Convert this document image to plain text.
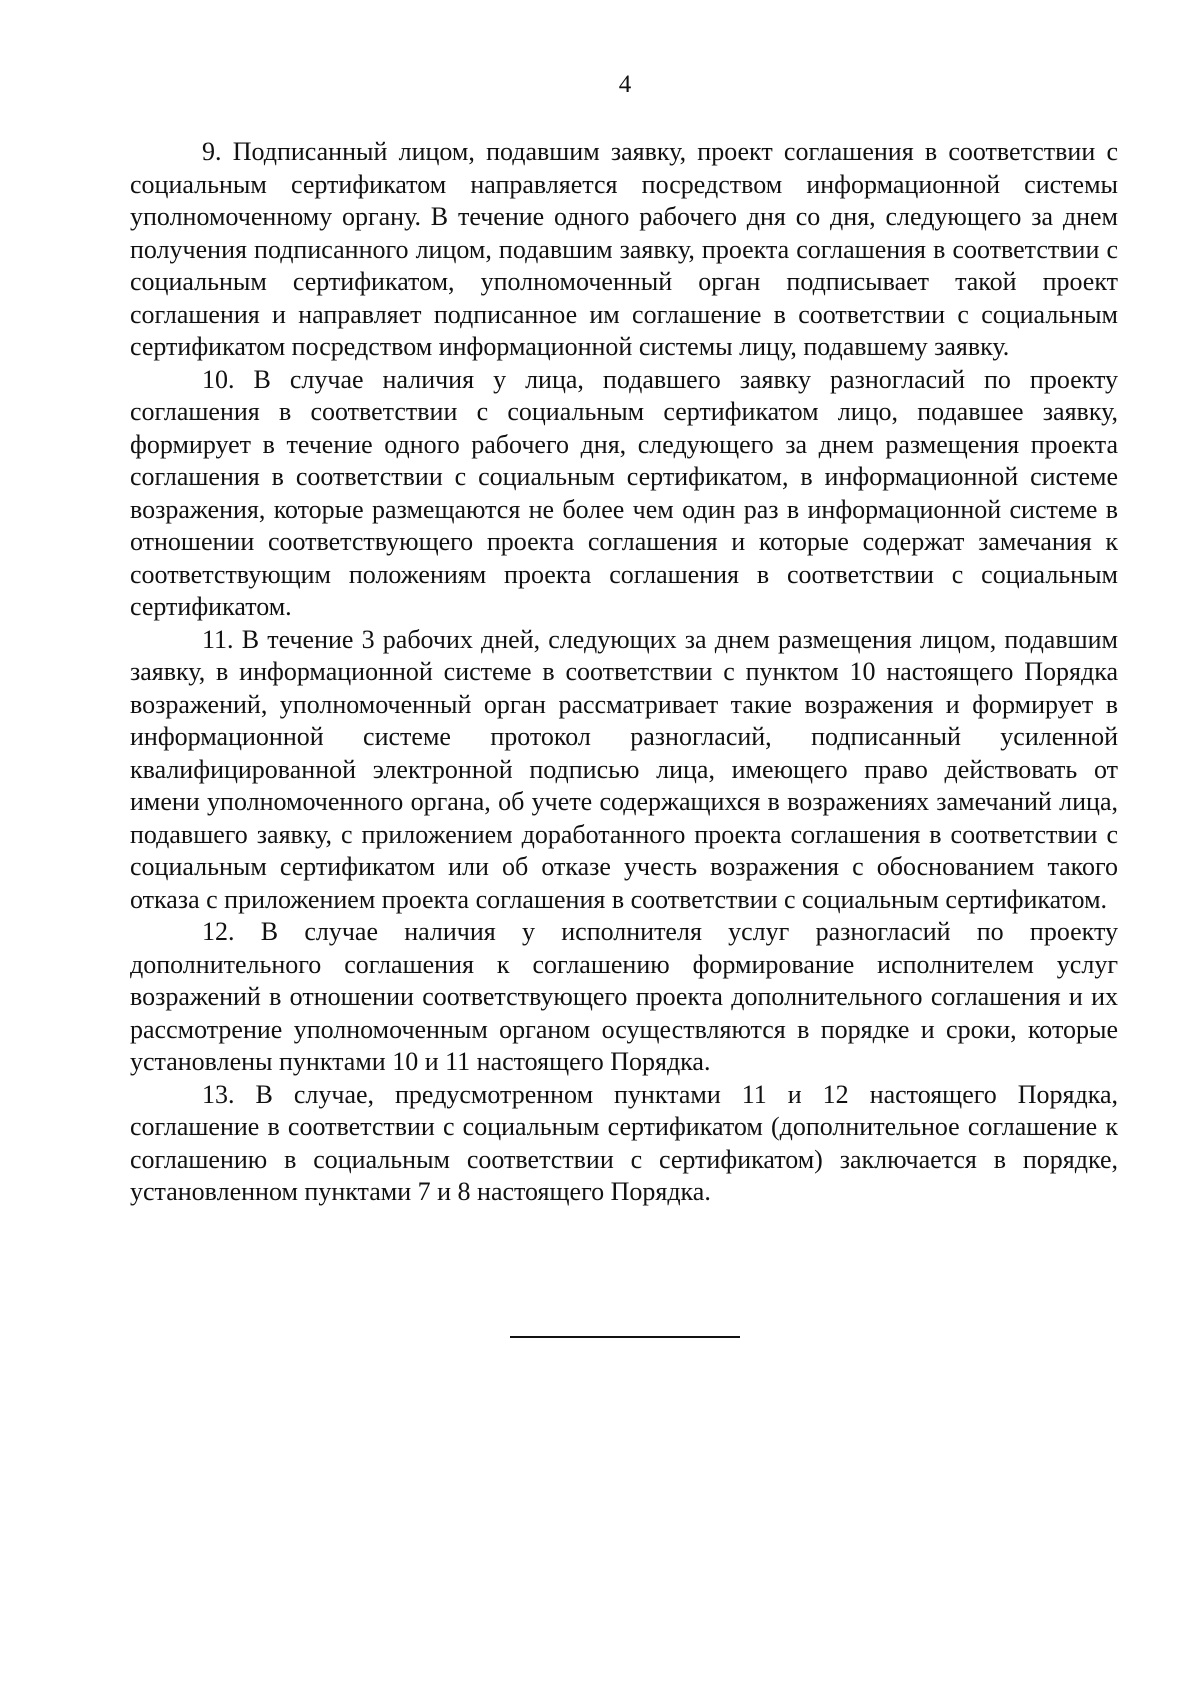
4

9. Подписанный лицом, подавшим заявку, проект соглашения в соответствии с социальным сертификатом направляется посредством информационной системы уполномоченному органу. В течение одного рабочего дня со дня, следующего за днем получения подписанного лицом, подавшим заявку, проекта соглашения в соответствии с социальным сертификатом, уполномоченный орган подписывает такой проект соглашения и направляет подписанное им соглашение в соответствии с социальным сертификатом посредством информационной системы лицу, подавшему заявку.

10. В случае наличия у лица, подавшего заявку разногласий по проекту соглашения в соответствии с социальным сертификатом лицо, подавшее заявку, формирует в течение одного рабочего дня, следующего за днем размещения проекта соглашения в соответствии с социальным сертификатом, в информационной системе возражения, которые размещаются не более чем один раз в информационной системе в отношении соответствующего проекта соглашения и которые содержат замечания к соответствующим положениям проекта соглашения в соответствии с социальным сертификатом.

11. В течение 3 рабочих дней, следующих за днем размещения лицом, подавшим заявку, в информационной системе в соответствии с пунктом 10 настоящего Порядка возражений, уполномоченный орган рассматривает такие возражения и формирует в информационной системе протокол разногласий, подписанный усиленной квалифицированной электронной подписью лица, имеющего право действовать от имени уполномоченного органа, об учете содержащихся в возражениях замечаний лица, подавшего заявку, с приложением доработанного проекта соглашения в соответствии с социальным сертификатом или об отказе учесть возражения с обоснованием такого отказа с приложением проекта соглашения в соответствии с социальным сертификатом.

12. В случае наличия у исполнителя услуг разногласий по проекту дополнительного соглашения к соглашению формирование исполнителем услуг возражений в отношении соответствующего проекта дополнительного соглашения и их рассмотрение уполномоченным органом осуществляются в порядке и сроки, которые установлены пунктами 10 и 11 настоящего Порядка.

13. В случае, предусмотренном пунктами 11 и 12 настоящего Порядка, соглашение в соответствии с социальным сертификатом (дополнительное соглашение к соглашению в социальным соответствии с сертификатом) заключается в порядке, установленном пунктами 7 и 8 настоящего Порядка.
